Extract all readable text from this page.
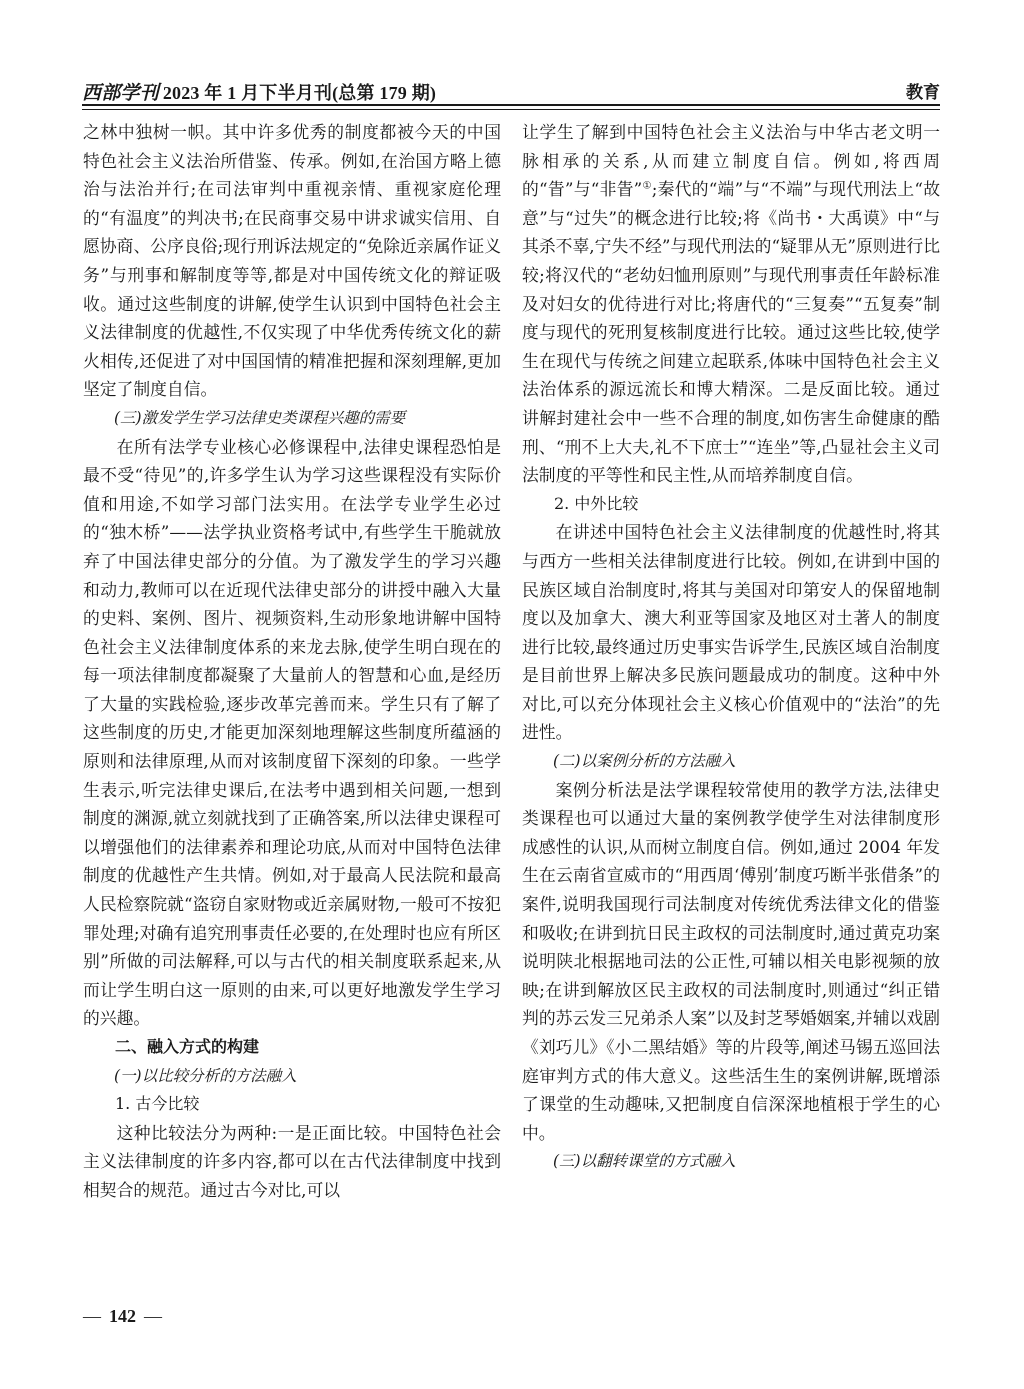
西部学刊 2023 年 1 月下半月刊(总第 179 期)	教育

之林中独树一帜。其中许多优秀的制度都被今天的中国特色社会主义法治所借鉴、传承。例如,在治国方略上德治与法治并行;在司法审判中重视亲情、重视家庭伦理的“有温度”的判决书;在民商事交易中讲求诚实信用、自愿协商、公序良俗;现行刑诉法规定的“免除近亲属作证义务”与刑事和解制度等等,都是对中国传统文化的辩证吸收。通过这些制度的讲解,使学生认识到中国特色社会主义法律制度的优越性,不仅实现了中华优秀传统文化的薪火相传,还促进了对中国国情的精准把握和深刻理解,更加坚定了制度自信。

(三)激发学生学习法律史类课程兴趣的需要

在所有法学专业核心必修课程中,法律史课程恐怕是最不受“待见”的,许多学生认为学习这些课程没有实际价值和用途,不如学习部门法实用。在法学专业学生必过的“独木桥”——法学执业资格考试中,有些学生干脆就放弃了中国法律史部分的分值。为了激发学生的学习兴趣和动力,教师可以在近现代法律史部分的讲授中融入大量的史料、案例、图片、视频资料,生动形象地讲解中国特色社会主义法律制度体系的来龙去脉,使学生明白现在的每一项法律制度都凝聚了大量前人的智慧和心血,是经历了大量的实践检验,逐步改革完善而来。学生只有了解了这些制度的历史,才能更加深刻地理解这些制度所蕴涵的原则和法律原理,从而对该制度留下深刻的印象。一些学生表示,听完法律史课后,在法考中遇到相关问题,一想到制度的渊源,就立刻就找到了正确答案,所以法律史课程可以增强他们的法律素养和理论功底,从而对中国特色法律制度的优越性产生共情。例如,对于最高人民法院和最高人民检察院就“盗窃自家财物或近亲属财物,一般可不按犯罪处理;对确有追究刑事责任必要的,在处理时也应有所区别”所做的司法解释,可以与古代的相关制度联系起来,从而让学生明白这一原则的由来,可以更好地激发学生学习的兴趣。

二、融入方式的构建
(一)以比较分析的方法融入
1. 古今比较

这种比较法分为两种:一是正面比较。中国特色社会主义法律制度的许多内容,都可以在古代法律制度中找到相契合的规范。通过古今对比,可以

让学生了解到中国特色社会主义法治与中华古老文明一脉相承的关系,从而建立制度自信。例如,将西周的“眚”与“非眚”①;秦代的“端”与“不端”与现代刑法上“故意”与“过失”的概念进行比较;将《尚书・大禹谟》中“与其杀不辜,宁失不经”与现代刑法的“疑罪从无”原则进行比较;将汉代的“老幼妇恤刑原则”与现代刑事责任年龄标准及对妇女的优待进行对比;将唐代的“三复奏”“五复奏”制度与现代的死刑复核制度进行比较。通过这些比较,使学生在现代与传统之间建立起联系,体味中国特色社会主义法治体系的源远流长和博大精深。二是反面比较。通过讲解封建社会中一些不合理的制度,如伤害生命健康的酷刑、“刑不上大夫,礼不下庶士”“连坐”等,凸显社会主义司法制度的平等性和民主性,从而培养制度自信。

2. 中外比较

在讲述中国特色社会主义法律制度的优越性时,将其与西方一些相关法律制度进行比较。例如,在讲到中国的民族区域自治制度时,将其与美国对印第安人的保留地制度以及加拿大、澳大利亚等国家及地区对土著人的制度进行比较,最终通过历史事实告诉学生,民族区域自治制度是目前世界上解决多民族问题最成功的制度。这种中外对比,可以充分体现社会主义核心价值观中的“法治”的先进性。

(二)以案例分析的方法融入

案例分析法是法学课程较常使用的教学方法,法律史类课程也可以通过大量的案例教学使学生对法律制度形成感性的认识,从而树立制度自信。例如,通过 2004 年发生在云南省宣威市的“用西周‘傅别’制度巧断半张借条”的案件,说明我国现行司法制度对传统优秀法律文化的借鉴和吸收;在讲到抗日民主政权的司法制度时,通过黄克功案说明陕北根据地司法的公正性,可辅以相关电影视频的放映;在讲到解放区民主政权的司法制度时,则通过“纠正错判的苏云发三兄弟杀人案”以及封芝琴婚姻案,并辅以戏剧《刘巧儿》《小二黑结婚》等的片段等,阐述马锡五巡回法庭审判方式的伟大意义。这些活生生的案例讲解,既增添了课堂的生动趣味,又把制度自信深深地植根于学生的心中。

(三)以翻转课堂的方式融入
— 142 —
